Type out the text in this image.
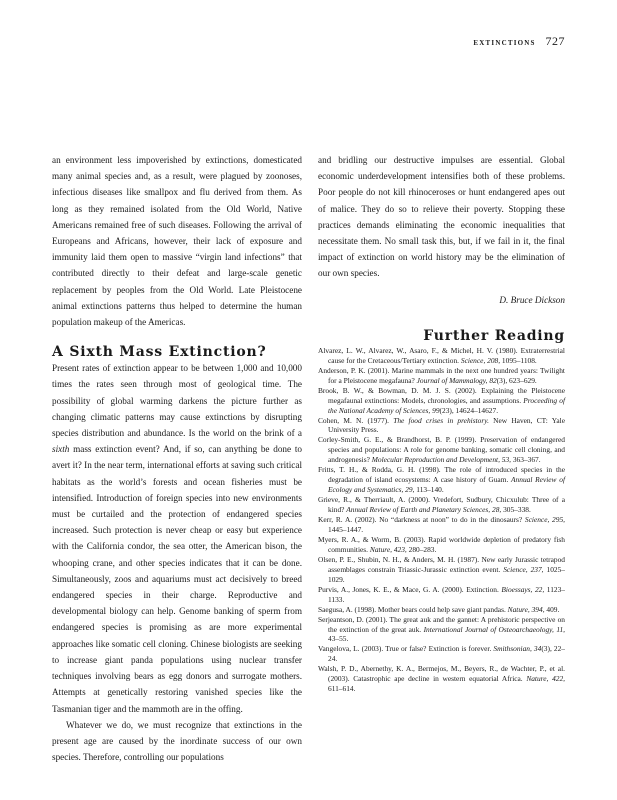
extinctions 727

an environment less impoverished by extinctions, domesticated many animal species and, as a result, were plagued by zoonoses, infectious diseases like smallpox and flu derived from them. As long as they remained isolated from the Old World, Native Americans remained free of such diseases. Following the arrival of Europeans and Africans, however, their lack of exposure and immunity laid them open to massive “virgin land infections” that contributed directly to their defeat and large-scale genetic replacement by peoples from the Old World. Late Pleistocene animal extinctions patterns thus helped to determine the human population makeup of the Americas.

A Sixth Mass Extinction?

Present rates of extinction appear to be between 1,000 and 10,000 times the rates seen through most of geological time. The possibility of global warming darkens the picture further as changing climatic patterns may cause extinctions by disrupting species distribution and abundance. Is the world on the brink of a sixth mass extinction event? And, if so, can anything be done to avert it? In the near term, international efforts at saving such critical habitats as the world’s forests and ocean fisheries must be intensified. Introduction of foreign species into new environments must be curtailed and the protection of endangered species increased. Such protection is never cheap or easy but experience with the California condor, the sea otter, the American bison, the whooping crane, and other species indicates that it can be done. Simultaneously, zoos and aquariums must act decisively to breed endangered species in their charge. Reproductive and developmental biology can help. Genome banking of sperm from endangered species is promising as are more experimental approaches like somatic cell cloning. Chinese biologists are seeking to increase giant panda populations using nuclear transfer techniques involving bears as egg donors and surrogate mothers. Attempts at genetically restoring vanished species like the Tasmanian tiger and the mammoth are in the offing.

Whatever we do, we must recognize that extinctions in the present age are caused by the inordinate success of our own species. Therefore, controlling our populations

and bridling our destructive impulses are essential. Global economic underdevelopment intensifies both of these problems. Poor people do not kill rhinoceroses or hunt endangered apes out of malice. They do so to relieve their poverty. Stopping these practices demands eliminating the economic inequalities that necessitate them. No small task this, but, if we fail in it, the final impact of extinction on world history may be the elimination of our own species.

D. Bruce Dickson

Further Reading

Alvarez, L. W., Alvarez, W., Asaro, F., & Michel, H. V. (1980). Extraterrestrial cause for the Cretaceous/Tertiary extinction. Science, 208, 1095–1108.

Anderson, P. K. (2001). Marine mammals in the next one hundred years: Twilight for a Pleistocene megafauna? Journal of Mammalogy, 82(3), 623–629.

Brook, B. W., & Bowman, D. M. J. S. (2002). Explaining the Pleistocene megafaunal extinctions: Models, chronologies, and assumptions. Proceeding of the National Academy of Sciences, 99(23), 14624–14627.

Cohen, M. N. (1977). The food crises in prehistory. New Haven, CT: Yale University Press.

Corley-Smith, G. E., & Brandhorst, B. P. (1999). Preservation of endangered species and populations: A role for genome banking, somatic cell cloning, and androgenesis? Molecular Reproduction and Development, 53, 363–367.

Fritts, T. H., & Rodda, G. H. (1998). The role of introduced species in the degradation of island ecosystems: A case history of Guam. Annual Review of Ecology and Systematics, 29, 113–140.

Grieve, R., & Therriault, A. (2000). Vredefort, Sudbury, Chicxulub: Three of a kind? Annual Review of Earth and Planetary Sciences, 28, 305–338.

Kerr, R. A. (2002). No “darkness at noon” to do in the dinosaurs? Science, 295, 1445–1447.

Myers, R. A., & Worm, B. (2003). Rapid worldwide depletion of predatory fish communities. Nature, 423, 280–283.

Olsen, P. E., Shubin, N. H., & Anders, M. H. (1987). New early Jurassic tetrapod assemblages constrain Triassic-Jurassic extinction event. Science, 237, 1025–1029.

Purvis, A., Jones, K. E., & Mace, G. A. (2000). Extinction. Bioessays, 22, 1123–1133.

Saegusa, A. (1998). Mother bears could help save giant pandas. Nature, 394, 409.

Serjeantson, D. (2001). The great auk and the gannet: A prehistoric perspective on the extinction of the great auk. International Journal of Osteoarchaeology, 11, 43–55.

Vangelova, L. (2003). True or false? Extinction is forever. Smithsonian, 34(3), 22–24.

Walsh, P. D., Abernethy, K. A., Bermejos, M., Beyers, R., de Wachter, P., et al. (2003). Catastrophic ape decline in western equatorial Africa. Nature, 422, 611–614.
